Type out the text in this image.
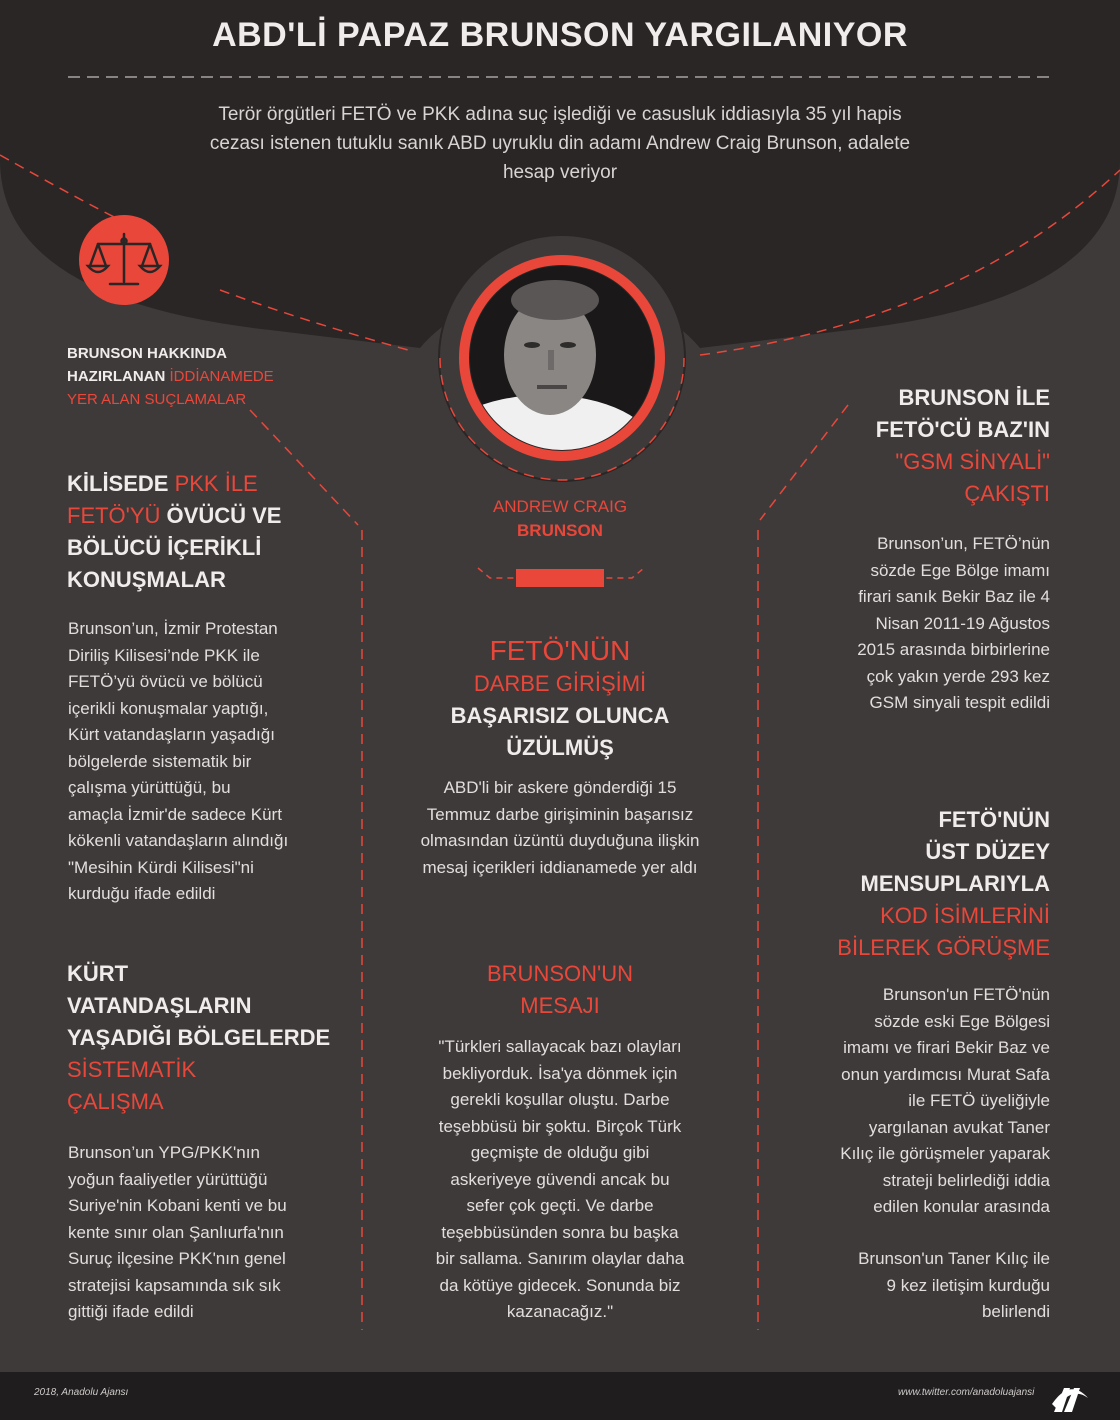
ABD'Lİ PAPAZ BRUNSON YARGILANIYOR
Terör örgütleri FETÖ ve PKK adına suç işlediği ve casusluk iddiasıyla 35 yıl hapis cezası istenen tutuklu sanık ABD uyruklu din adamı Andrew Craig Brunson, adalete hesap veriyor
BRUNSON HAKKINDA
HAZIRLANAN İDDİANAMEDE
YER ALAN SUÇLAMALAR
ANDREW CRAIG
BRUNSON
KİLİSEDE PKK İLE
FETÖ'YÜ ÖVÜCÜ VE
BÖLÜCÜ İÇERİKLİ
KONUŞMALAR
Brunson’un, İzmir Protestan Diriliş Kilisesi’nde PKK ile FETÖ’yü övücü ve bölücü içerikli konuşmalar yaptığı, Kürt vatandaşların yaşadığı bölgelerde sistematik bir çalışma yürüttüğü, bu amaçla İzmir'de sadece Kürt kökenli vatandaşların alındığı "Mesihin Kürdi Kilisesi"ni kurduğu ifade edildi
KÜRT
VATANDAŞLARIN
YAŞADIĞI BÖLGELERDE
SİSTEMATİK
ÇALIŞMA
Brunson’un YPG/PKK'nın yoğun faaliyetler yürüttüğü Suriye'nin Kobani kenti ve bu kente sınır olan Şanlıurfa'nın Suruç ilçesine PKK'nın genel stratejisi kapsamında sık sık gittiği ifade edildi
FETÖ'NÜN
DARBE GİRİŞİMİ
BAŞARISIZ OLUNCA
ÜZÜLMÜŞ
ABD'li bir askere gönderdiği 15 Temmuz darbe girişiminin başarısız olmasından üzüntü duyduğuna ilişkin mesaj içerikleri iddianamede yer aldı
BRUNSON'UN
MESAJI
"Türkleri sallayacak bazı olayları bekliyorduk. İsa'ya dönmek için gerekli koşullar oluştu. Darbe teşebbüsü bir şoktu. Birçok Türk geçmişte de olduğu gibi askeriyeye güvendi ancak bu sefer çok geçti. Ve darbe teşebbüsünden sonra bu başka bir sallama. Sanırım olaylar daha da kötüye gidecek. Sonunda biz kazanacağız."
BRUNSON İLE
FETÖ'CÜ BAZ'IN
"GSM SİNYALİ"
ÇAKIŞTI
Brunson’un, FETÖ’nün sözde Ege Bölge imamı firari sanık Bekir Baz ile 4 Nisan 2011-19 Ağustos 2015 arasında birbirlerine çok yakın yerde 293 kez GSM sinyali tespit edildi
FETÖ'NÜN
ÜST DÜZEY
MENSUPLARIYLA
KOD İSİMLERİNİ
BİLEREK GÖRÜŞME
Brunson'un FETÖ'nün sözde eski Ege Bölgesi imamı ve firari Bekir Baz ve onun yardımcısı Murat Safa ile FETÖ üyeliğiyle yargılanan avukat Taner Kılıç ile görüşmeler yaparak strateji belirlediği iddia edilen konular arasında
Brunson'un Taner Kılıç ile 9 kez iletişim kurduğu belirlendi
2018, Anadolu Ajansı	www.twitter.com/anadoluajansi
